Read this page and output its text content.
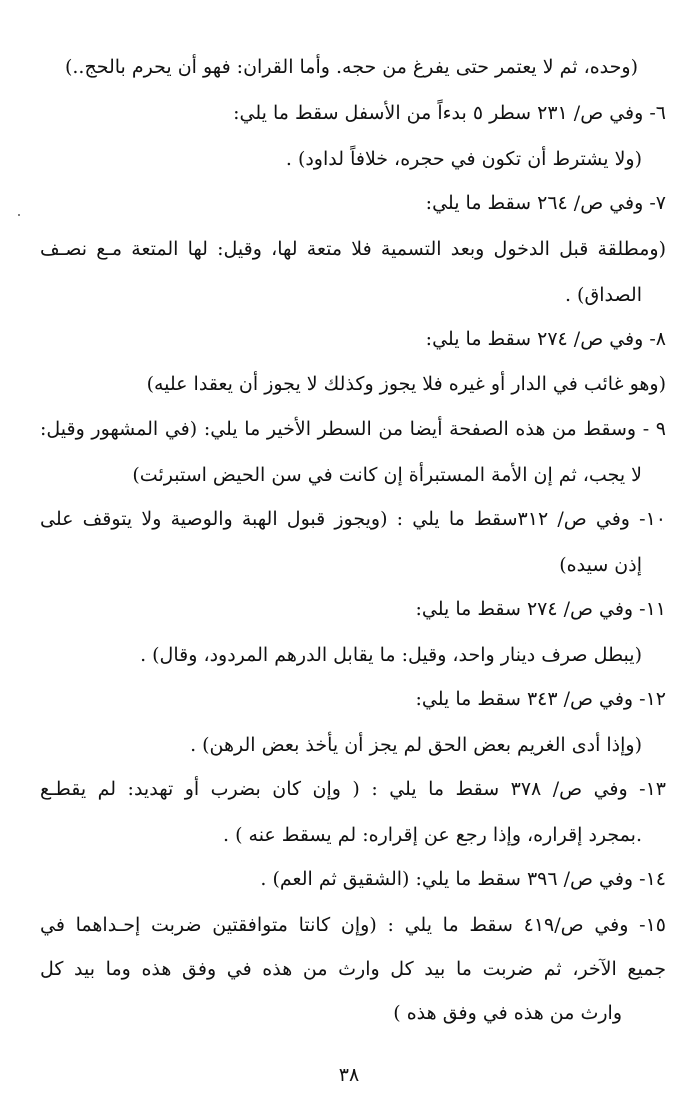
(وحده، ثم لا يعتمر حتى يفرغ من حجه. وأما القران: فهو أن يحرم بالحج..)
٦- وفي ص/ ٢٣١ سطر ٥ بدءاً من الأسفل سقط ما يلي:
(ولا يشترط أن تكون في حجره، خلافاً لداود) .
٧- وفي ص/ ٢٦٤ سقط ما يلي:
(ومطلقة قبل الدخول وبعد التسمية فلا متعة لها، وقيل: لها المتعة مـع نصـف
الصداق) .
٨- وفي ص/ ٢٧٤ سقط ما يلي:
(وهو غائب في الدار أو غيره فلا يجوز وكذلك لا يجوز أن يعقدا عليه)
٩ - وسقط من هذه الصفحة أيضا من السطر الأخير ما يلي: (في المشهور وقيل:
لا يجب، ثم إن الأمة المستبرأة إن كانت في سن الحيض استبرئت)
١٠- وفي ص/ ٣١٢سقط ما يلي : (ويجوز قبول الهبة والوصية ولا يتوقف على
إذن سيده)
١١- وفي ص/ ٢٧٤ سقط ما يلي:
(يبطل صرف دينار واحد، وقيل: ما يقابل الدرهم المردود، وقال) .
١٢- وفي ص/ ٣٤٣ سقط ما يلي:
(وإذا أدى الغريم بعض الحق لم يجز أن يأخذ بعض الرهن) .
١٣- وفي ص/ ٣٧٨ سقط ما يلي : ( وإن كان بضرب أو تهديد: لم يقطـع
.بمجرد إقراره، وإذا رجع عن إقراره: لم يسقط عنه ) .
١٤- وفي ص/ ٣٩٦ سقط ما يلي: (الشقيق ثم العم) .
١٥- وفي ص/٤١٩ سقط ما يلي : (وإن كانتا متوافقتين ضربت إحـداهما في
جميع الآخر، ثم ضربت ما بيد كل وارث من هذه في وفق هذه وما بيد كل
وارث من هذه في وفق هذه )
٣٨
